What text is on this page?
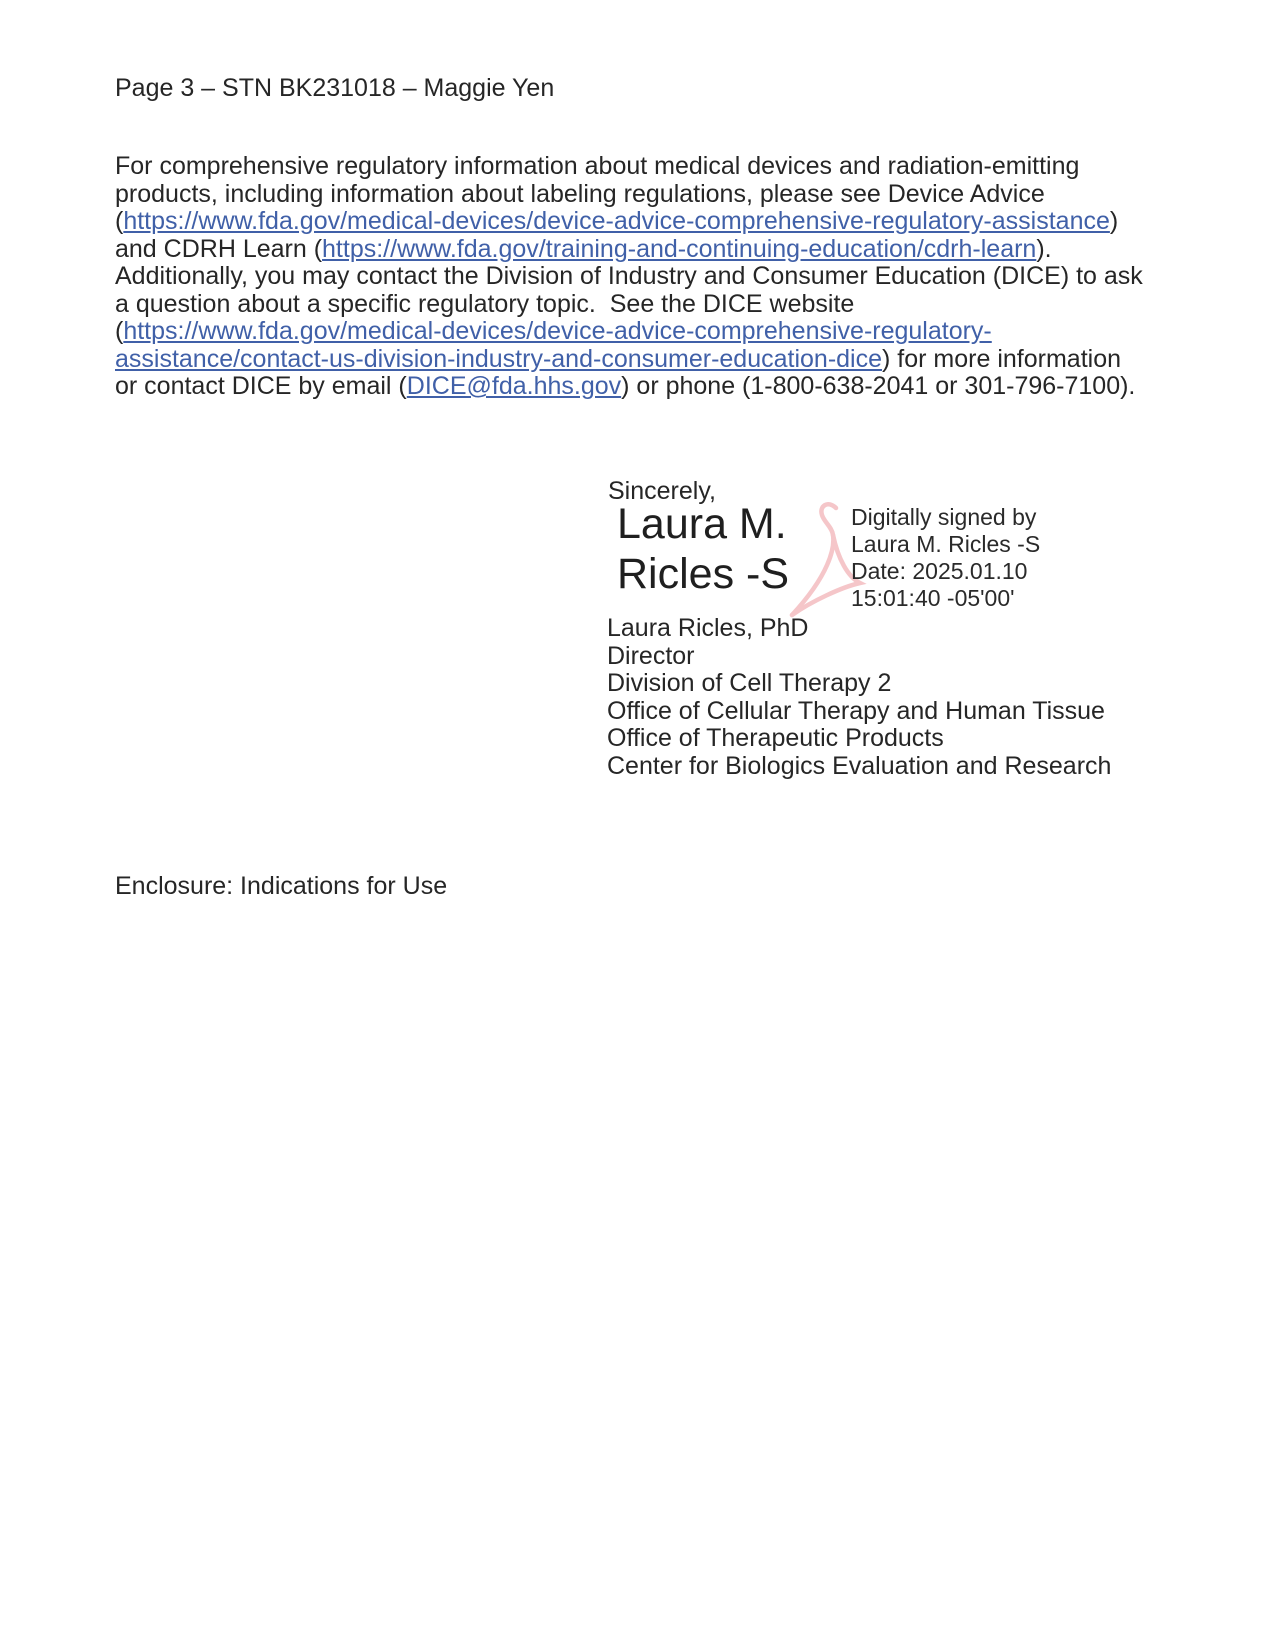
Page 3 – STN BK231018 – Maggie Yen
For comprehensive regulatory information about medical devices and radiation-emitting
products, including information about labeling regulations, please see Device Advice
(https://www.fda.gov/medical-devices/device-advice-comprehensive-regulatory-assistance)
and CDRH Learn (https://www.fda.gov/training-and-continuing-education/cdrh-learn).
Additionally, you may contact the Division of Industry and Consumer Education (DICE) to ask
a question about a specific regulatory topic.  See the DICE website
(https://www.fda.gov/medical-devices/device-advice-comprehensive-regulatory-
assistance/contact-us-division-industry-and-consumer-education-dice) for more information
or contact DICE by email (DICE@fda.hhs.gov) or phone (1-800-638-2041 or 301-796-7100).
Sincerely,
Laura M.
Ricles -S
Digitally signed by
Laura M. Ricles -S
Date: 2025.01.10
15:01:40 -05'00'
Laura Ricles, PhD
Director
Division of Cell Therapy 2
Office of Cellular Therapy and Human Tissue
Office of Therapeutic Products
Center for Biologics Evaluation and Research
Enclosure: Indications for Use
